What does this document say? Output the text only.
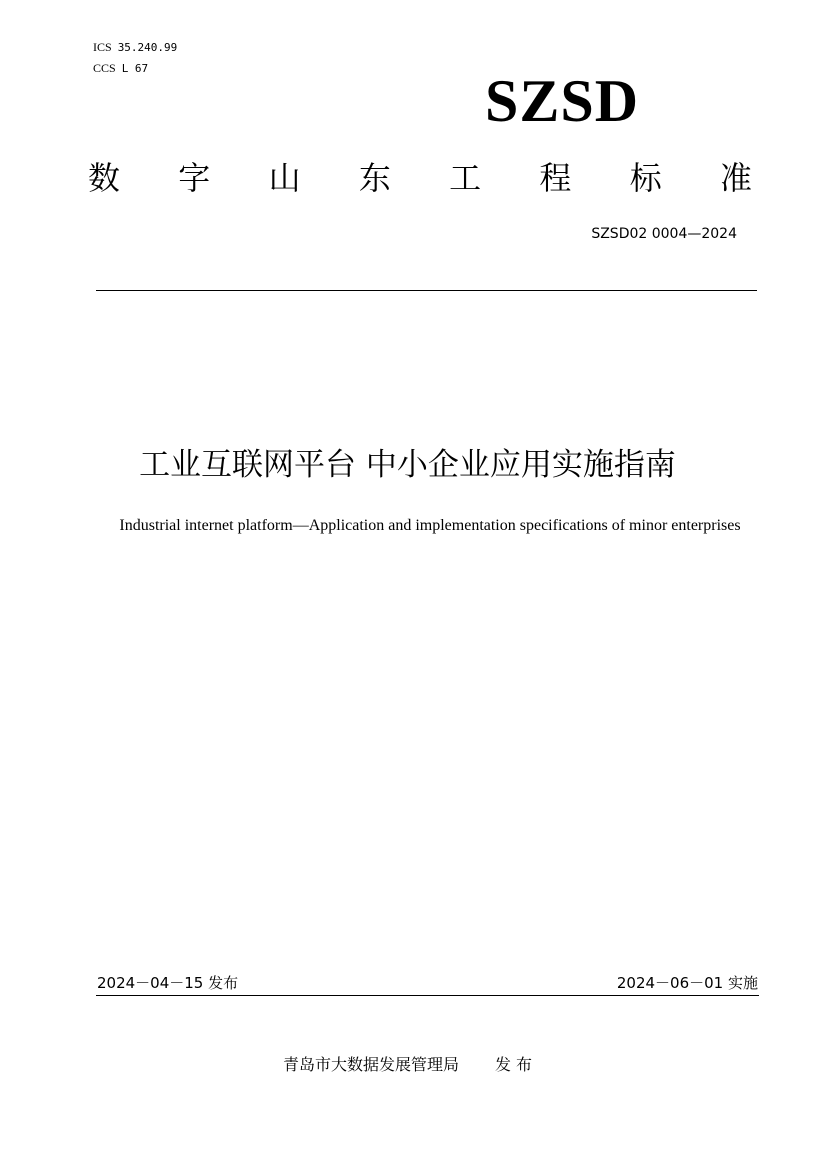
ICS 35.240.99
CCS L 67	SZSD
数 字 山 东 工 程 标 准
SZSD02 0004—2024
工业互联网平台 中小企业应用实施指南
Industrial internet platform—Application and implementation specifications of minor enterprises
2024－04－15 发布	2024－06－01 实施
青岛市大数据发展管理局 发 布
